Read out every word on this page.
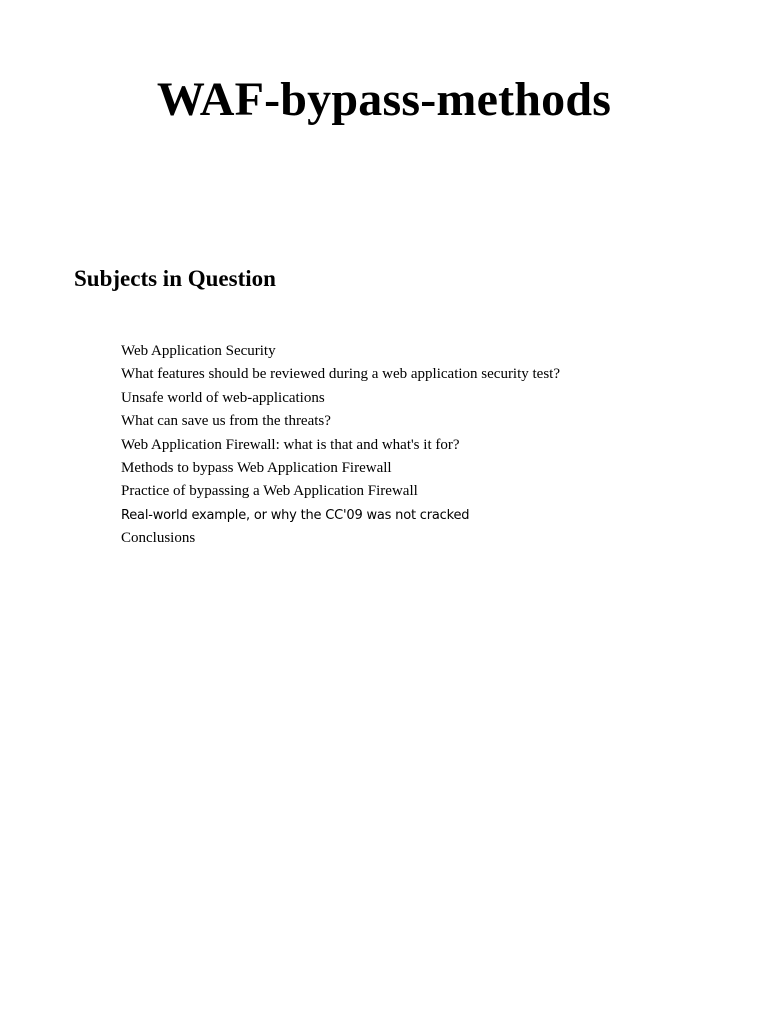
WAF-bypass-methods
Subjects in Question
Web Application Security
What features should be reviewed during a web application security test?
Unsafe world of web-applications
What can save us from the threats?
Web Application Firewall: what is that and what's it for?
Methods to bypass Web Application Firewall
Practice of bypassing a Web Application Firewall
Real-world example, or why the CC'09 was not cracked
Conclusions
